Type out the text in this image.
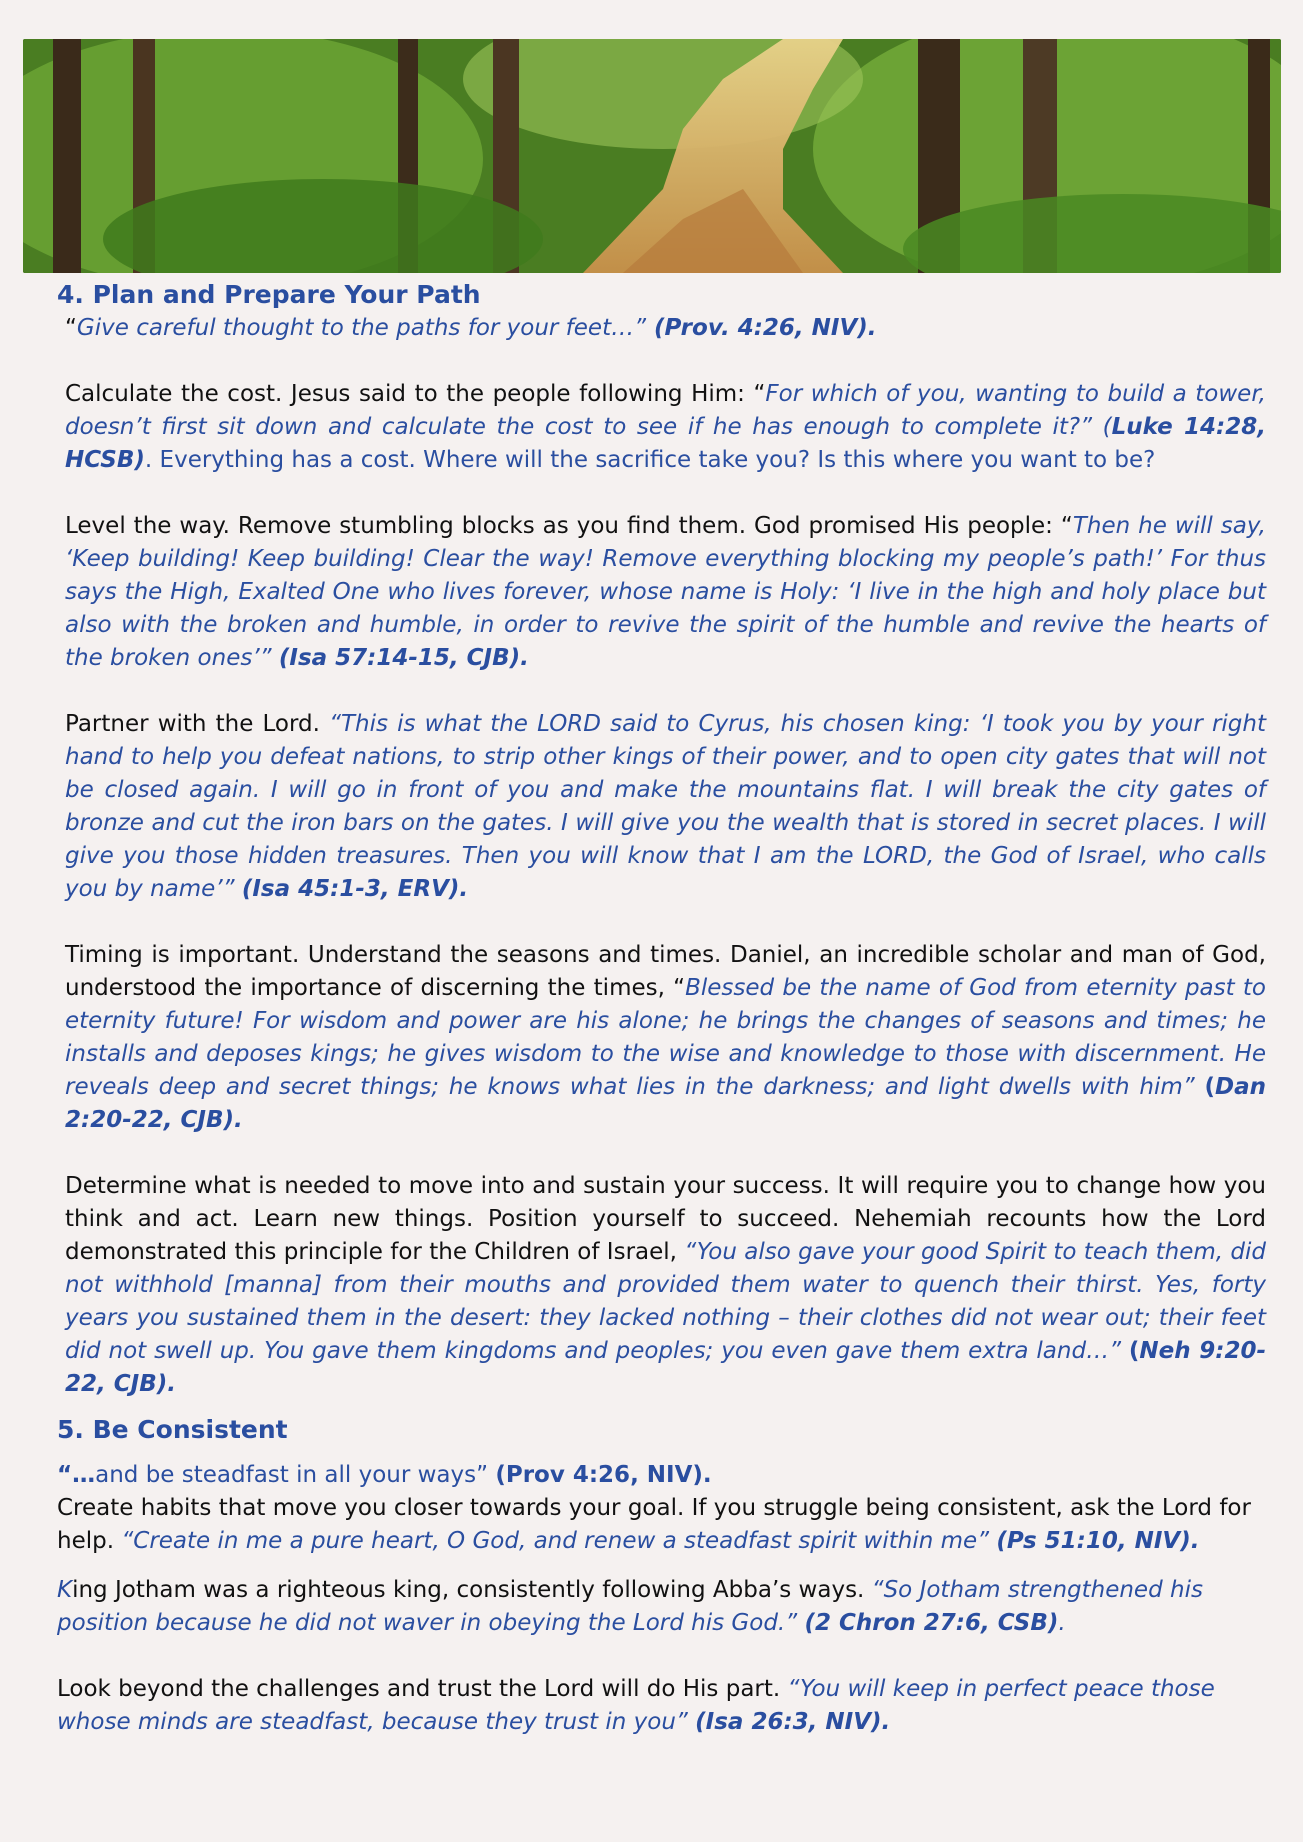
4. Plan and Prepare Your Path

“Give careful thought to the paths for your feet…” (Prov. 4:26, NIV).

Calculate the cost. Jesus said to the people following Him: “For which of you, wanting to build a tower, doesn’t first sit down and calculate the cost to see if he has enough to complete it?” (Luke 14:28, HCSB). Everything has a cost. Where will the sacrifice take you? Is this where you want to be?

Level the way. Remove stumbling blocks as you find them. God promised His people: “Then he will say, ‘Keep building! Keep building! Clear the way! Remove everything blocking my people’s path!’ For thus says the High, Exalted One who lives forever, whose name is Holy: ‘I live in the high and holy place but also with the broken and humble, in order to revive the spirit of the humble and revive the hearts of the broken ones’” (Isa 57:14-15, CJB).

Partner with the Lord. “This is what the LORD said to Cyrus, his chosen king: ‘I took you by your right hand to help you defeat nations, to strip other kings of their power, and to open city gates that will not be closed again. I will go in front of you and make the mountains flat. I will break the city gates of bronze and cut the iron bars on the gates. I will give you the wealth that is stored in secret places. I will give you those hidden treasures. Then you will know that I am the LORD, the God of Israel, who calls you by name’” (Isa 45:1-3, ERV).

Timing is important. Understand the seasons and times. Daniel, an incredible scholar and man of God, understood the importance of discerning the times, “Blessed be the name of God from eternity past to eternity future! For wisdom and power are his alone; he brings the changes of seasons and times; he installs and deposes kings; he gives wisdom to the wise and knowledge to those with discernment. He reveals deep and secret things; he knows what lies in the darkness; and light dwells with him” (Dan 2:20-22, CJB).

Determine what is needed to move into and sustain your success. It will require you to change how you think and act. Learn new things. Position yourself to succeed. Nehemiah recounts how the Lord demonstrated this principle for the Children of Israel, “You also gave your good Spirit to teach them, did not withhold [manna] from their mouths and provided them water to quench their thirst. Yes, forty years you sustained them in the desert: they lacked nothing – their clothes did not wear out; their feet did not swell up. You gave them kingdoms and peoples; you even gave them extra land…” (Neh 9:20-22, CJB).

5. Be Consistent

“…and be steadfast in all your ways” (Prov 4:26, NIV).

Create habits that move you closer towards your goal. If you struggle being consistent, ask the Lord for help. “Create in me a pure heart, O God, and renew a steadfast spirit within me” (Ps 51:10, NIV).

King Jotham was a righteous king, consistently following Abba’s ways. “So Jotham strengthened his position because he did not waver in obeying the Lord his God.” (2 Chron 27:6, CSB).

Look beyond the challenges and trust the Lord will do His part. “You will keep in perfect peace those whose minds are steadfast, because they trust in you” (Isa 26:3, NIV).
